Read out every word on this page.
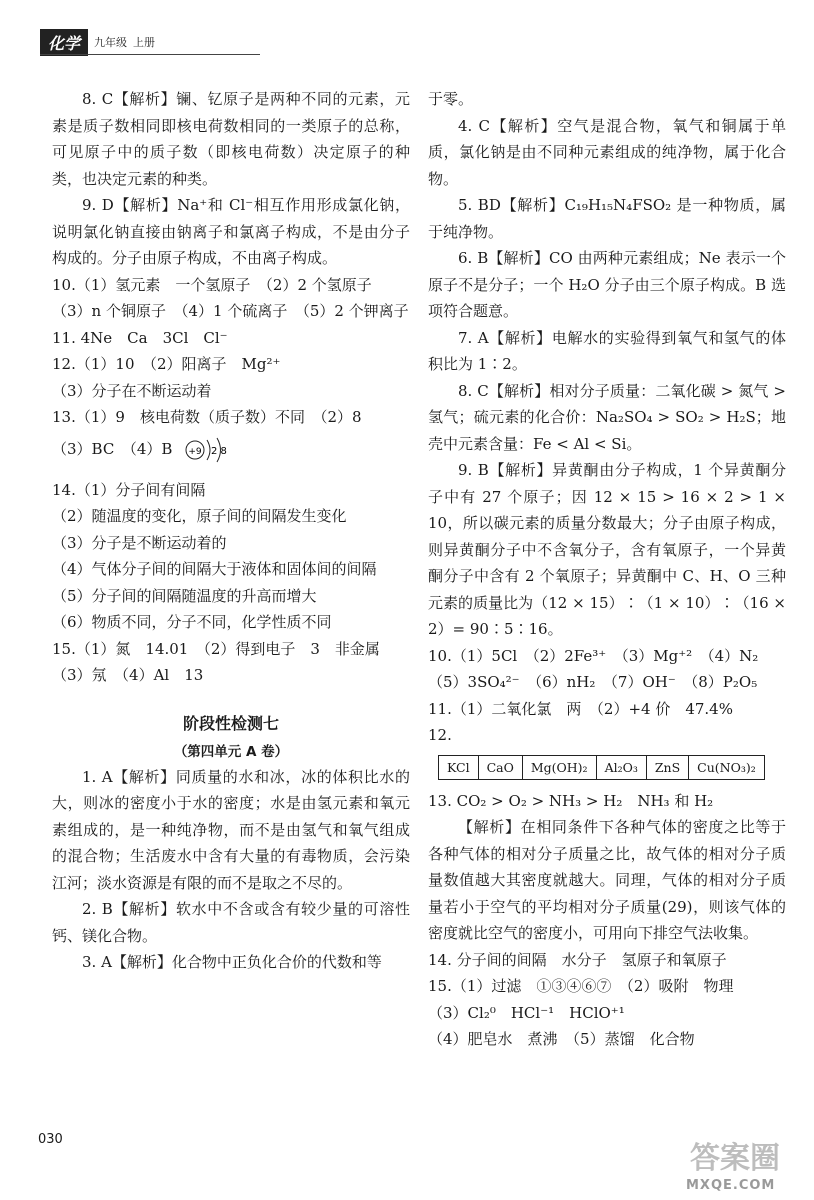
化学	九年级 上册

8. C【解析】镧、钇原子是两种不同的元素，元素是质子数相同即核电荷数相同的一类原子的总称，可见原子中的质子数（即核电荷数）决定原子的种类，也决定元素的种类。

9. D【解析】Na⁺和 Cl⁻相互作用形成氯化钠，说明氯化钠直接由钠离子和氯离子构成，不是由分子构成的。分子由原子构成，不由离子构成。

10.（1）氢元素　一个氢原子　（2）2 个氢原子

（3）n 个铜原子　（4）1 个硫离子　（5）2 个钾离子

11. 4Ne　Ca　3Cl　Cl⁻

12.（1）10　（2）阳离子　Mg²⁺

（3）分子在不断运动着

13.（1）9　核电荷数（质子数）不同　（2）8

（3）BC　（4）B +9 2 8

14.（1）分子间有间隔

（2）随温度的变化，原子间的间隔发生变化

（3）分子是不断运动着的

（4）气体分子间的间隔大于液体和固体间的间隔

（5）分子间的间隔随温度的升高而增大

（6）物质不同，分子不同，化学性质不同

15.（1）氮　14.01　（2）得到电子　3　非金属

（3）氖　（4）Al　13

阶段性检测七
（第四单元 A 卷）

1. A【解析】同质量的水和冰，冰的体积比水的大，则冰的密度小于水的密度；水是由氢元素和氧元素组成的，是一种纯净物，而不是由氢气和氧气组成的混合物；生活废水中含有大量的有毒物质，会污染江河；淡水资源是有限的而不是取之不尽的。

2. B【解析】软水中不含或含有较少量的可溶性钙、镁化合物。

3. A【解析】化合物中正负化合价的代数和等

于零。

4. C【解析】空气是混合物，氧气和铜属于单质，氯化钠是由不同种元素组成的纯净物，属于化合物。

5. BD【解析】C₁₉H₁₅N₄FSO₂ 是一种物质，属于纯净物。

6. B【解析】CO 由两种元素组成；Ne 表示一个原子不是分子；一个 H₂O 分子由三个原子构成。B 选项符合题意。

7. A【解析】电解水的实验得到氧气和氢气的体积比为 1∶2。

8. C【解析】相对分子质量：二氧化碳 > 氮气 > 氢气；硫元素的化合价：Na₂SO₄ > SO₂ > H₂S；地壳中元素含量：Fe < Al < Si。

9. B【解析】异黄酮由分子构成，1 个异黄酮分子中有 27 个原子；因 12 × 15 > 16 × 2 > 1 × 10，所以碳元素的质量分数最大；分子由原子构成，则异黄酮分子中不含氧分子，含有氧原子，一个异黄酮分子中含有 2 个氧原子；异黄酮中 C、H、O 三种元素的质量比为（12 × 15）∶（1 × 10）∶（16 × 2）= 90∶5∶16。

10.（1）5Cl　（2）2Fe³⁺　（3）Mg⁺²　（4）N₂

（5）3SO₄²⁻　（6）nH₂　（7）OH⁻　（8）P₂O₅

11.（1）二氧化氯　两　（2）+4 价　47.4%

12.

KCl	CaO	Mg(OH)₂	Al₂O₃	ZnS	Cu(NO₃)₂

13. CO₂ > O₂ > NH₃ > H₂　NH₃ 和 H₂

【解析】在相同条件下各种气体的密度之比等于各种气体的相对分子质量之比，故气体的相对分子质量数值越大其密度就越大。同理，气体的相对分子质量若小于空气的平均相对分子质量(29)，则该气体的密度就比空气的密度小，可用向下排空气法收集。

14. 分子间的间隔　水分子　氢原子和氧原子

15.（1）过滤　①③④⑥⑦　（2）吸附　物理

（3）Cl₂⁰　HCl⁻¹　HClO⁺¹

（4）肥皂水　煮沸　（5）蒸馏　化合物

030
答案圈
MXQE.COM
